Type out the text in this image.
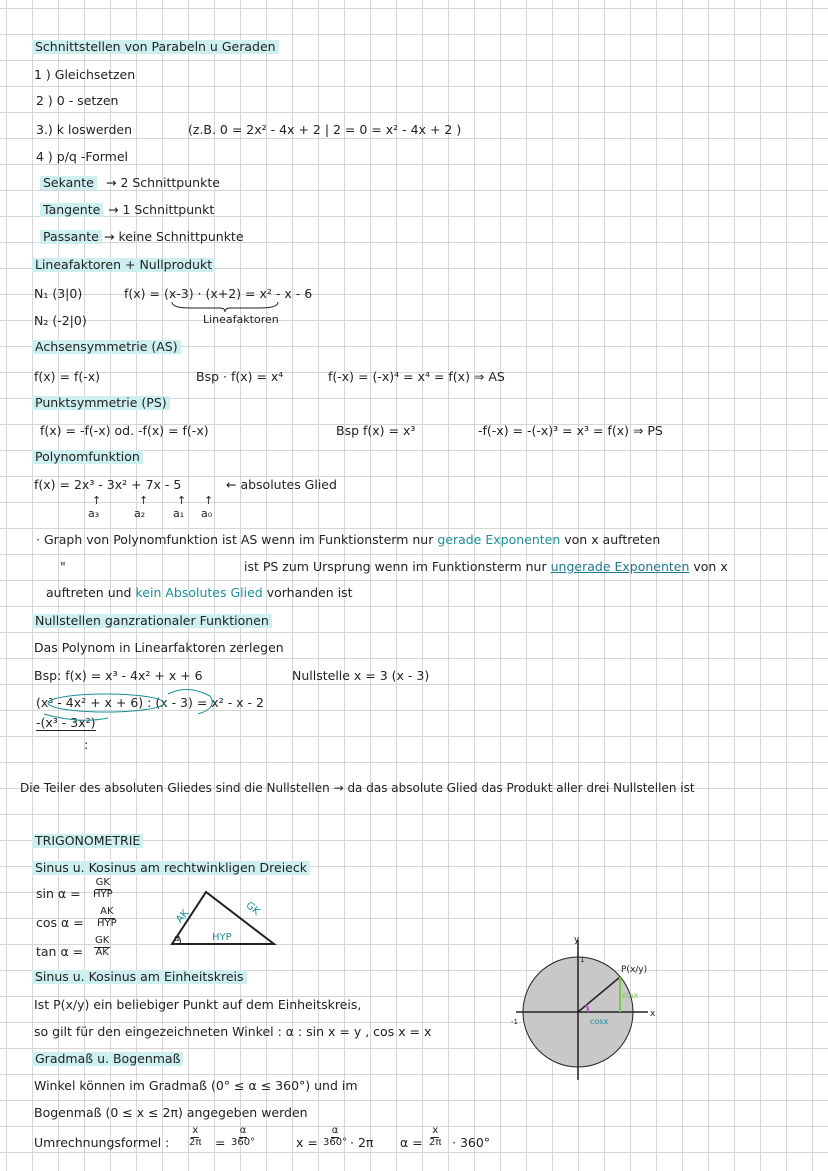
Schnittstellen von Parabeln u Geraden
1 ) Gleichsetzen
2 ) 0 - setzen
3.) k loswerden	(z.B. 0 = 2x² - 4x + 2 | 2 = 0 = x² - 4x + 2 )
4 ) p/q -Formel
Sekante → 2 Schnittpunkte
Tangente → 1 Schnittpunkt
Passante → keine Schnittpunkte
Lineafaktoren + Nullprodukt
N₁ (3|0)
N₂ (-2|0)
f(x) = (x-3) · (x+2) = x² - x - 6
Lineafaktoren
Achsensymmetrie (AS)
f(x) = f(-x)	Bsp · f(x) = x⁴	f(-x) = (-x)⁴ = x⁴ = f(x) ⇒ AS
Punktsymmetrie (PS)
f(x) = -f(-x) od. -f(x) = f(-x)	Bsp f(x) = x³	-f(-x) = -(-x)³ = x³ = f(x) ⇒ PS
Polynomfunktion
f(x) = 2x³ - 3x² + 7x - 5	← absolutes Glied
↑	↑	↑ ↑
a₃	a₂	a₁ a₀
· Graph von Polynomfunktion ist AS wenn im Funktionsterm nur gerade Exponenten von x auftreten
"	ist PS zum Ursprung wenn im Funktionsterm nur ungerade Exponenten von x
auftreten und kein Absolutes Glied vorhanden ist
Nullstellen ganzrationaler Funktionen
Das Polynom in Linearfaktoren zerlegen
Bsp: f(x) = x³ - 4x² + x + 6	Nullstelle x = 3 (x - 3)
(x³ - 4x² + x + 6) : (x - 3) = x² - x - 2
-(x³ - 3x²)
:
Die Teiler des absoluten Gliedes sind die Nullstellen → da das absolute Glied das Produkt aller drei Nullstellen ist
TRIGONOMETRIE
Sinus u. Kosinus am rechtwinkligen Dreieck
sin α =
GK
HYP
cos α =
AK
HYP
$\tan \alpha = \frac{GK}{AK}$	α
AK	GK
HYP
Sinus u. Kosinus am Einheitskreis
Ist P(x/y) ein beliebiger Punkt auf dem Einheitskreis,
so gilt für den eingezeichneten Winkel : α : sin x = y , cos x = x
P(x/y)
sinx
cosx
x
y
-1
1
Gradmaß u. Bogenmaß
Winkel können im Gradmaß (0° ≤ α ≤ 360°) und im
Bogenmaß (0 ≤ x ≤ 2π) angegeben werden
Umrechnungsformel : $\frac{x}{2\pi} = \frac{\alpha}{360^\circ}$	$x = \frac{\alpha}{360^\circ} \cdot 2\pi$ $\alpha = \frac{x}{2\pi} \cdot 360^\circ$
